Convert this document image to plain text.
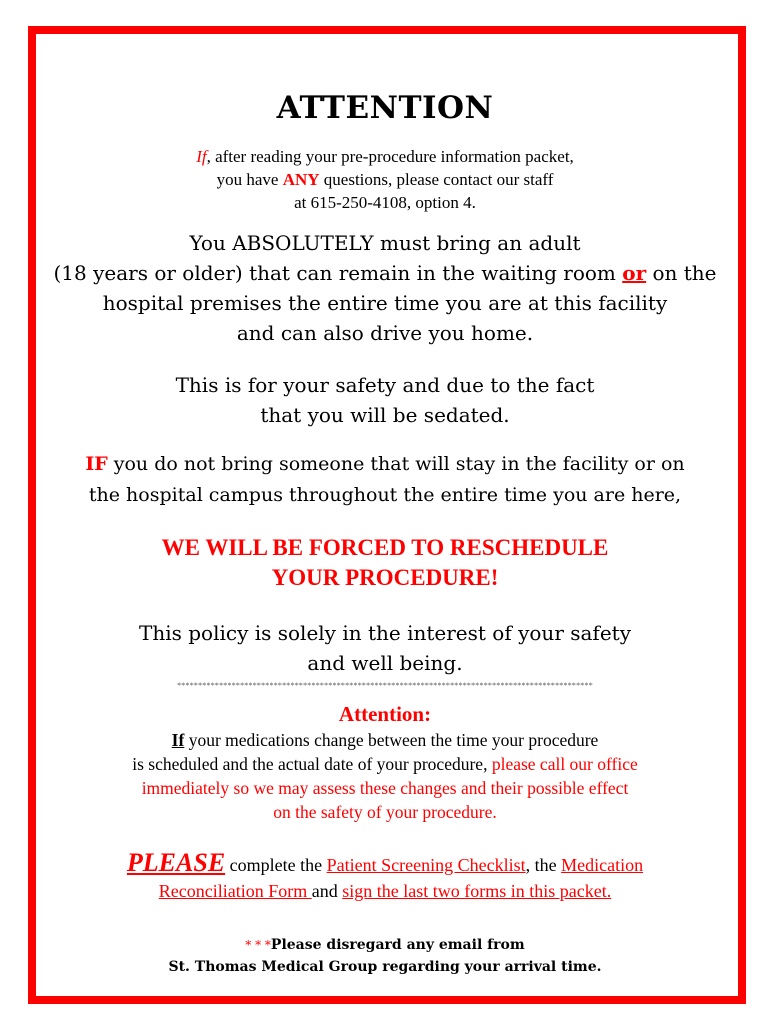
ATTENTION
If, after reading your pre-procedure information packet,
you have ANY questions, please contact our staff
at 615-250-4108, option 4.
You ABSOLUTELY must bring an adult
(18 years or older) that can remain in the waiting room or on the
hospital premises the entire time you are at this facility
and can also drive you home.
This is for your safety and due to the fact
that you will be sedated.
IF you do not bring someone that will stay in the facility or on
the hospital campus throughout the entire time you are here,
WE WILL BE FORCED TO RESCHEDULE
YOUR PROCEDURE!
This policy is solely in the interest of your safety
and well being.
***************************************************************************************************
Attention:
If your medications change between the time your procedure
is scheduled and the actual date of your procedure, please call our office
immediately so we may assess these changes and their possible effect
on the safety of your procedure.
PLEASE complete the Patient Screening Checklist, the Medication
Reconciliation Form and sign the last two forms in this packet.
* * *Please disregard any email from
St. Thomas Medical Group regarding your arrival time.
